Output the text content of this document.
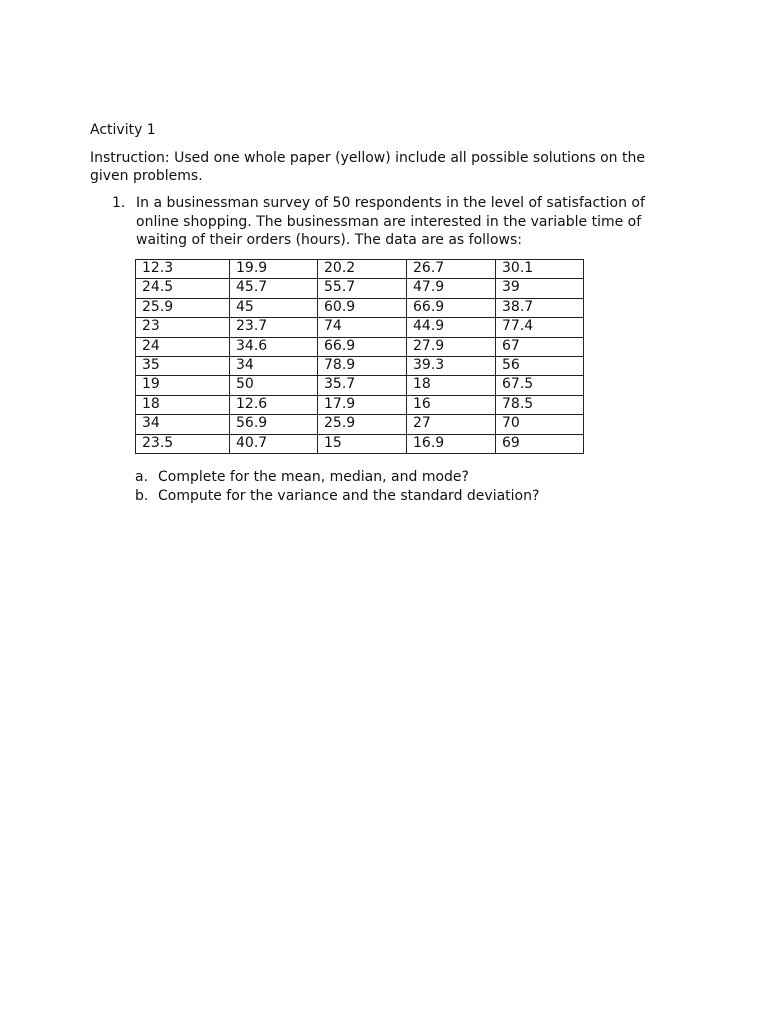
Activity 1
Instruction: Used one whole paper (yellow) include all possible solutions on the given problems.
1. In a businessman survey of 50 respondents in the level of satisfaction of online shopping. The businessman are interested in the variable time of waiting of their orders (hours). The data are as follows:
12.3	19.9	20.2	26.7	30.1
24.5	45.7	55.7	47.9	39
25.9	45	60.9	66.9	38.7
23	23.7	74	44.9	77.4
24	34.6	66.9	27.9	67
35	34	78.9	39.3	56
19	50	35.7	18	67.5
18	12.6	17.9	16	78.5
34	56.9	25.9	27	70
23.5	40.7	15	16.9	69
a. Complete for the mean, median, and mode?
b. Compute for the variance and the standard deviation?
